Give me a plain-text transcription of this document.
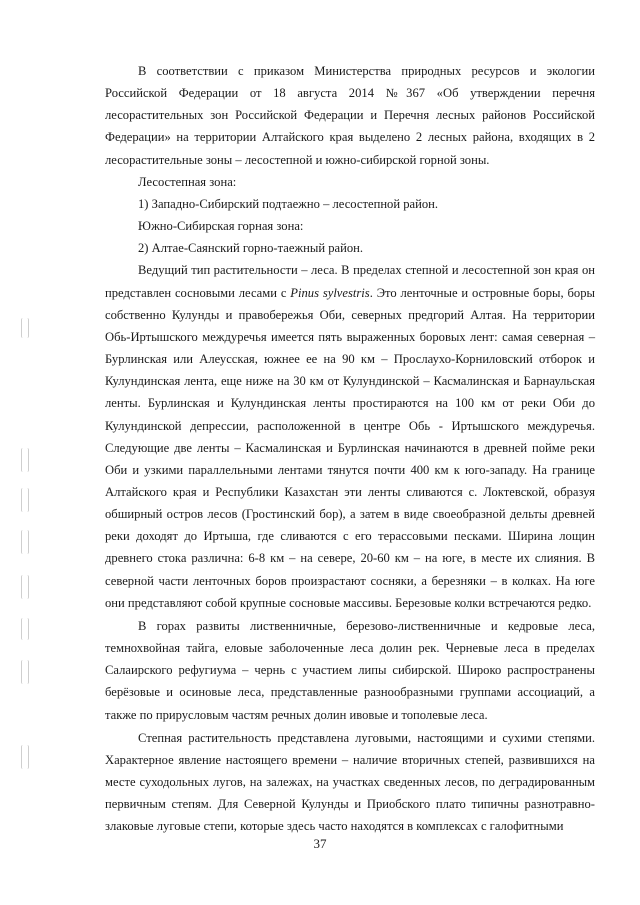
В соответствии с приказом Министерства природных ресурсов и экологии Российской Федерации от 18 августа 2014 №367 «Об утверждении перечня лесорастительных зон Российской Федерации и Перечня лесных районов Российской Федерации» на территории Алтайского края выделено 2 лесных района, входящих в 2 лесорастительные зоны – лесостепной и южно-сибирской горной зоны.

Лесостепная зона:

1) Западно-Сибирский подтаежно – лесостепной район.

Южно-Сибирская горная зона:

2) Алтае-Саянский горно-таежный район.

Ведущий тип растительности – леса. В пределах степной и лесостепной зон края он представлен сосновыми лесами с Pinus sylvestris. Это ленточные и островные боры, боры собственно Кулунды и правобережья Оби, северных предгорий Алтая. На территории Обь-Иртышского междуречья имеется пять выраженных боровых лент: самая северная – Бурлинская или Алеусская, южнее ее на 90 км – Прослаухо-Корниловский отборок и Кулундинская лента, еще ниже на 30 км от Кулундинской – Касмалинская и Барнаульская ленты. Бурлинская и Кулундинская ленты простираются на 100 км от реки Оби до Кулундинской депрессии, расположенной в центре Обь - Иртышского междуречья. Следующие две ленты – Касмалинская и Бурлинская начинаются в древней пойме реки Оби и узкими параллельными лентами тянутся почти 400 км к юго-западу. На границе Алтайского края и Республики Казахстан эти ленты сливаются с. Локтевской, образуя обширный остров лесов (Гростинский бор), а затем в виде своеобразной дельты древней реки доходят до Иртыша, где сливаются с его терассовыми песками. Ширина лощин древнего стока различна: 6-8 км – на севере, 20-60 км – на юге, в месте их слияния. В северной части ленточных боров произрастают сосняки, а березняки – в колках. На юге они представляют собой крупные сосновые массивы. Березовые колки встречаются редко.

В горах развиты лиственничные, березово-лиственничные и кедровые леса, темнохвойная тайга, еловые заболоченные леса долин рек. Черневые леса в пределах Салаирского рефугиума – чернь с участием липы сибирской. Широко распространены берёзовые и осиновые леса, представленные разнообразными группами ассоциаций, а также по прирусловым частям речных долин ивовые и тополевые леса.

Степная растительность представлена луговыми, настоящими и сухими степями. Характерное явление настоящего времени – наличие вторичных степей, развившихся на месте суходольных лугов, на залежах, на участках сведенных лесов, по деградированным первичным степям. Для Северной Кулунды и Приобского плато типичны разнотравно-злаковые луговые степи, которые здесь часто находятся в комплексах с галофитными

37
